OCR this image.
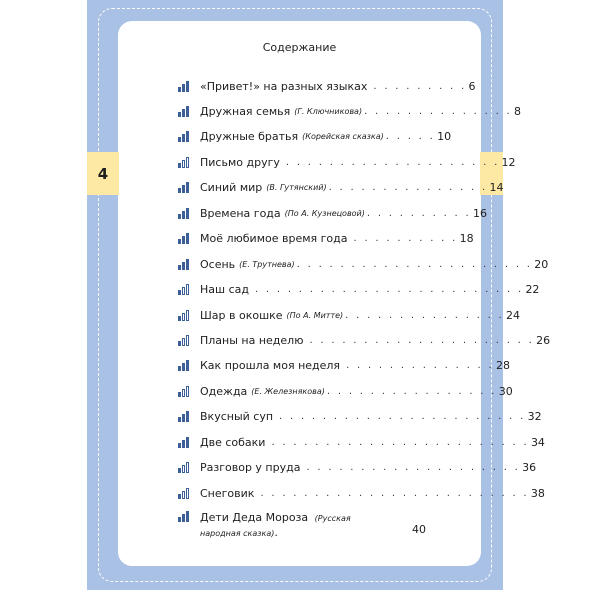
4
Содержание
«Привет!» на разных языках . . . . . . . . . 6
Дружная семья (Г. Ключникова) . . . . . . . . . . . . . . 8
Дружные братья (Корейская сказка) . . . . . 10
Письмо другу . . . . . . . . . . . . . . . . . . . . 12
Синий мир (В. Гутянский) . . . . . . . . . . . . . . . 14
Времена года (По А. Кузнецовой) . . . . . . . . . . 16
Моё любимое время года . . . . . . . . . . 18
Осень (Е. Трутнева) . . . . . . . . . . . . . . . . . . . . . . 20
Наш сад . . . . . . . . . . . . . . . . . . . . . . . . . 22
Шар в окошке (По А. Митте) . . . . . . . . . . . . . . . 24
Планы на неделю . . . . . . . . . . . . . . . . . . . . . 26
Как прошла моя неделя . . . . . . . . . . . . . . 28
Одежда (Е. Железнякова) . . . . . . . . . . . . . . . . 30
Вкусный суп . . . . . . . . . . . . . . . . . . . . . . . 32
Две собаки . . . . . . . . . . . . . . . . . . . . . . . . 34
Разговор у пруда . . . . . . . . . . . . . . . . . . . . 36
Снеговик . . . . . . . . . . . . . . . . . . . . . . . . . 38
Дети Деда Мороза (Русская народная сказка).	40
